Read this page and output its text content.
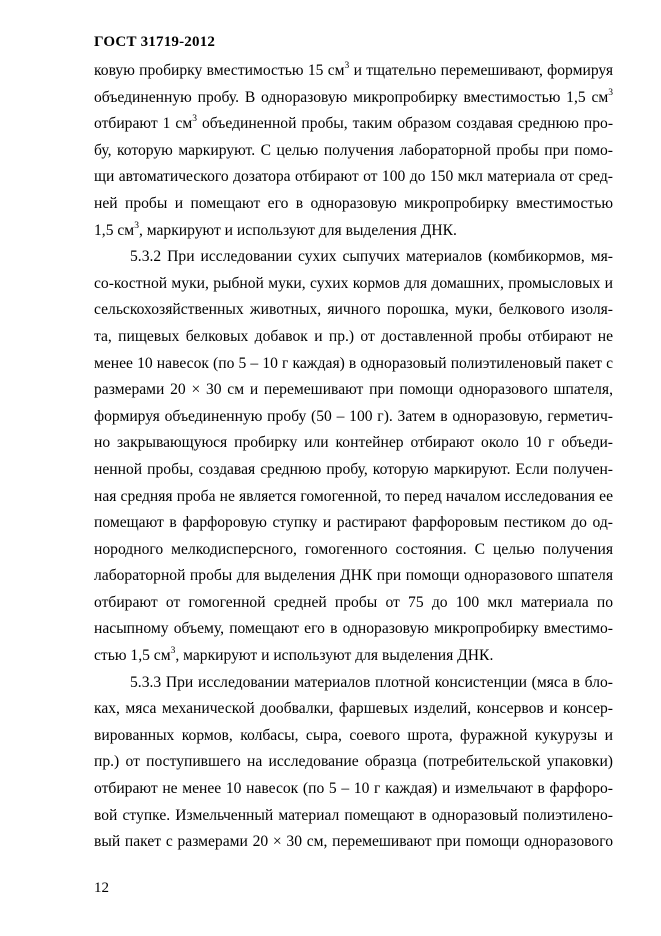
ГОСТ 31719-2012
ковую пробирку вместимостью 15 $см^3$ и тщательно перемешивают, формируя
объединенную пробу. В одноразовую микропробирку вместимостью 1,5 $см^3$
отбирают 1 $см^3$ объединенной пробы, таким образом создавая среднюю про-
бу, которую маркируют. С целью получения лабораторной пробы при помо-
щи автоматического дозатора отбирают от 100 до 150 мкл материала от сред-
ней пробы и помещают его в одноразовую микропробирку вместимостью
1,5 $см^3$, маркируют и используют для выделения ДНК.
5.3.2 При исследовании сухих сыпучих материалов (комбикормов, мя-
со-костной муки, рыбной муки, сухих кормов для домашних, промысловых и
сельскохозяйственных животных, яичного порошка, муки, белкового изоля-
та, пищевых белковых добавок и пр.) от доставленной пробы отбирают не
менее 10 навесок (по 5 – 10 г каждая) в одноразовый полиэтиленовый пакет с
размерами 20 × 30 см и перемешивают при помощи одноразового шпателя,
формируя объединенную пробу (50 – 100 г). Затем в одноразовую, герметич-
но закрывающуюся пробирку или контейнер отбирают около 10 г объеди-
ненной пробы, создавая среднюю пробу, которую маркируют. Если получен-
ная средняя проба не является гомогенной, то перед началом исследования ее
помещают в фарфоровую ступку и растирают фарфоровым пестиком до од-
нородного мелкодисперсного, гомогенного состояния. С целью получения
лабораторной пробы для выделения ДНК при помощи одноразового шпателя
отбирают от гомогенной средней пробы от 75 до 100 мкл материала по
насыпному объему, помещают его в одноразовую микропробирку вместимо-
стью 1,5 $см^3$, маркируют и используют для выделения ДНК.
5.3.3 При исследовании материалов плотной консистенции (мяса в бло-
ках, мяса механической дообвалки, фаршевых изделий, консервов и консер-
вированных кормов, колбасы, сыра, соевого шрота, фуражной кукурузы и
пр.) от поступившего на исследование образца (потребительской упаковки)
отбирают не менее 10 навесок (по 5 – 10 г каждая) и измельчают в фарфоро-
вой ступке. Измельченный материал помещают в одноразовый полиэтилено-
вый пакет с размерами 20 × 30 см, перемешивают при помощи одноразового
12
